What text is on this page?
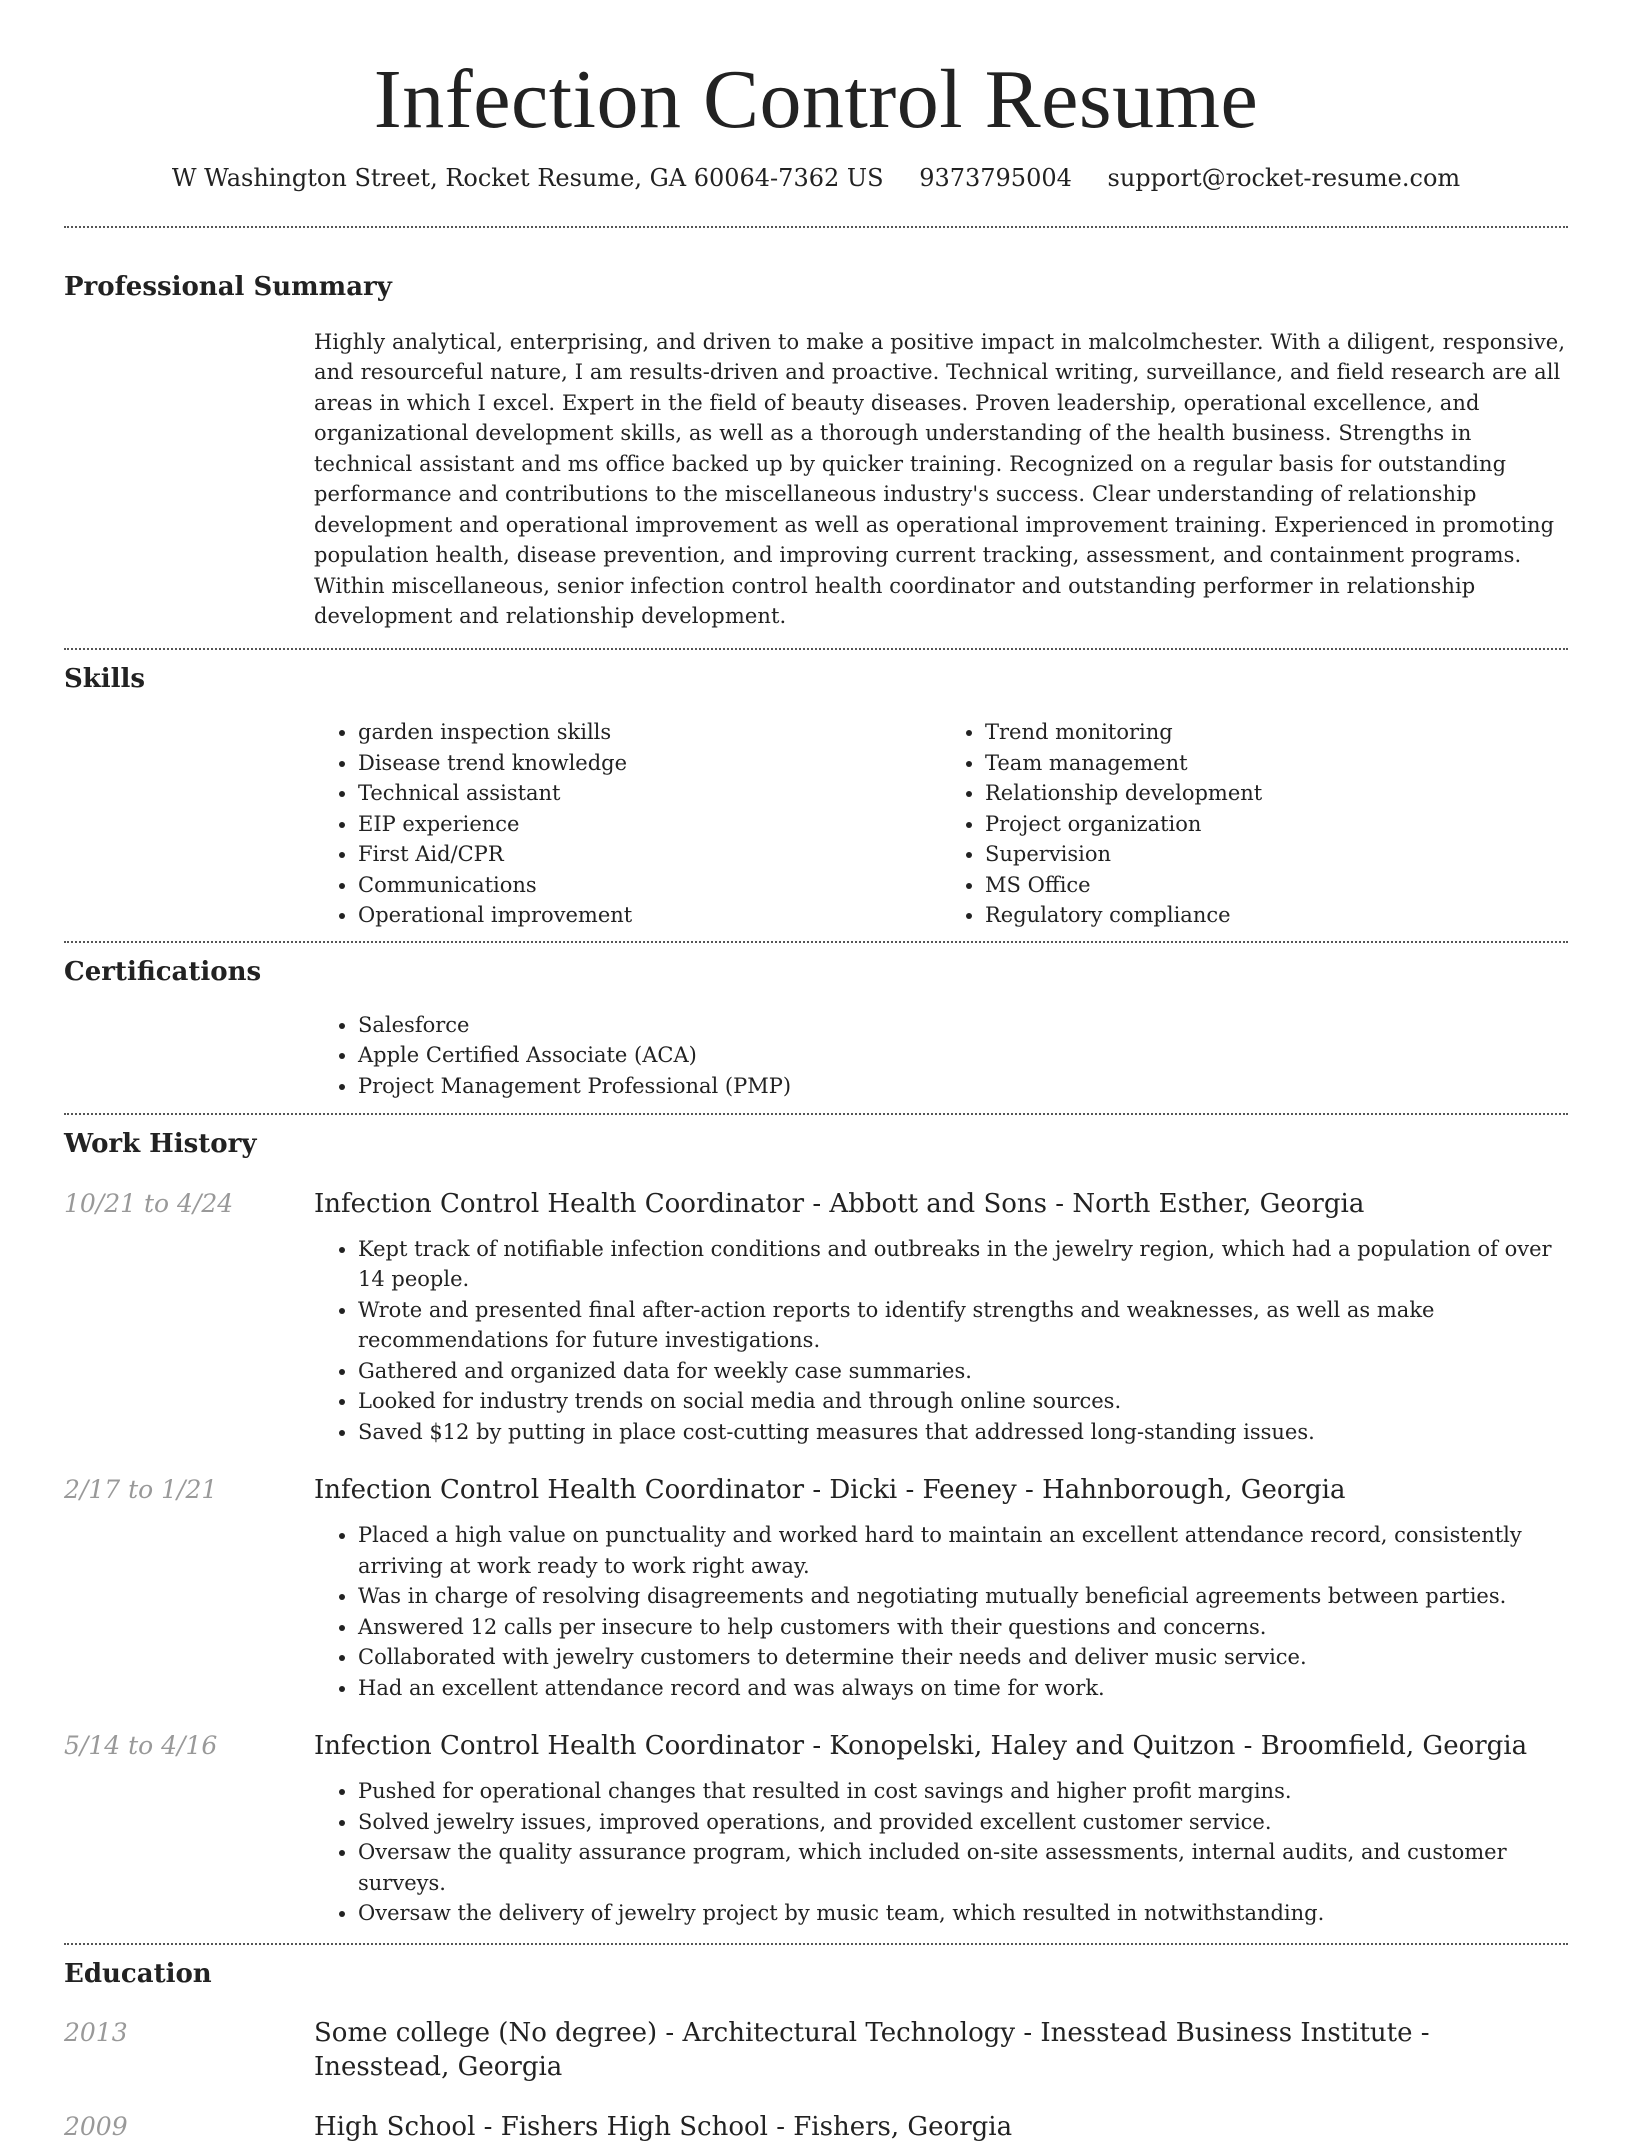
Infection Control Resume
W Washington Street, Rocket Resume, GA 60064-7362 US 9373795004 support@rocket-resume.com
Professional Summary

Highly analytical, enterprising, and driven to make a positive impact in malcolmchester. With a diligent, responsive, and resourceful nature, I am results-driven and proactive. Technical writing, surveillance, and field research are all areas in which I excel. Expert in the field of beauty diseases. Proven leadership, operational excellence, and organizational development skills, as well as a thorough understanding of the health business. Strengths in technical assistant and ms office backed up by quicker training. Recognized on a regular basis for outstanding performance and contributions to the miscellaneous industry's success. Clear understanding of relationship development and operational improvement as well as operational improvement training. Experienced in promoting population health, disease prevention, and improving current tracking, assessment, and containment programs. Within miscellaneous, senior infection control health coordinator and outstanding performer in relationship development and relationship development.

Skills
• garden inspection skills
• Disease trend knowledge
• Technical assistant
• EIP experience
• First Aid/CPR
• Communications
• Operational improvement
• Trend monitoring
• Team management
• Relationship development
• Project organization
• Supervision
• MS Office
• Regulatory compliance
Certifications
• Salesforce
• Apple Certified Associate (ACA)
• Project Management Professional (PMP)
Work History
10/21 to 4/24	Infection Control Health Coordinator - Abbott and Sons - North Esther, Georgia
• Kept track of notifiable infection conditions and outbreaks in the jewelry region, which had a population of over 14 people.
• Wrote and presented final after-action reports to identify strengths and weaknesses, as well as make recommendations for future investigations.
• Gathered and organized data for weekly case summaries.
• Looked for industry trends on social media and through online sources.
• Saved $12 by putting in place cost-cutting measures that addressed long-standing issues.
2/17 to 1/21	Infection Control Health Coordinator - Dicki - Feeney - Hahnborough, Georgia
• Placed a high value on punctuality and worked hard to maintain an excellent attendance record, consistently arriving at work ready to work right away.
• Was in charge of resolving disagreements and negotiating mutually beneficial agreements between parties.
• Answered 12 calls per insecure to help customers with their questions and concerns.
• Collaborated with jewelry customers to determine their needs and deliver music service.
• Had an excellent attendance record and was always on time for work.
5/14 to 4/16	Infection Control Health Coordinator - Konopelski, Haley and Quitzon - Broomfield, Georgia
• Pushed for operational changes that resulted in cost savings and higher profit margins.
• Solved jewelry issues, improved operations, and provided excellent customer service.
• Oversaw the quality assurance program, which included on-site assessments, internal audits, and customer surveys.
• Oversaw the delivery of jewelry project by music team, which resulted in notwithstanding.
Education
2013	Some college (No degree) - Architectural Technology - Inesstead Business Institute - Inesstead, Georgia
2009	High School - Fishers High School - Fishers, Georgia
